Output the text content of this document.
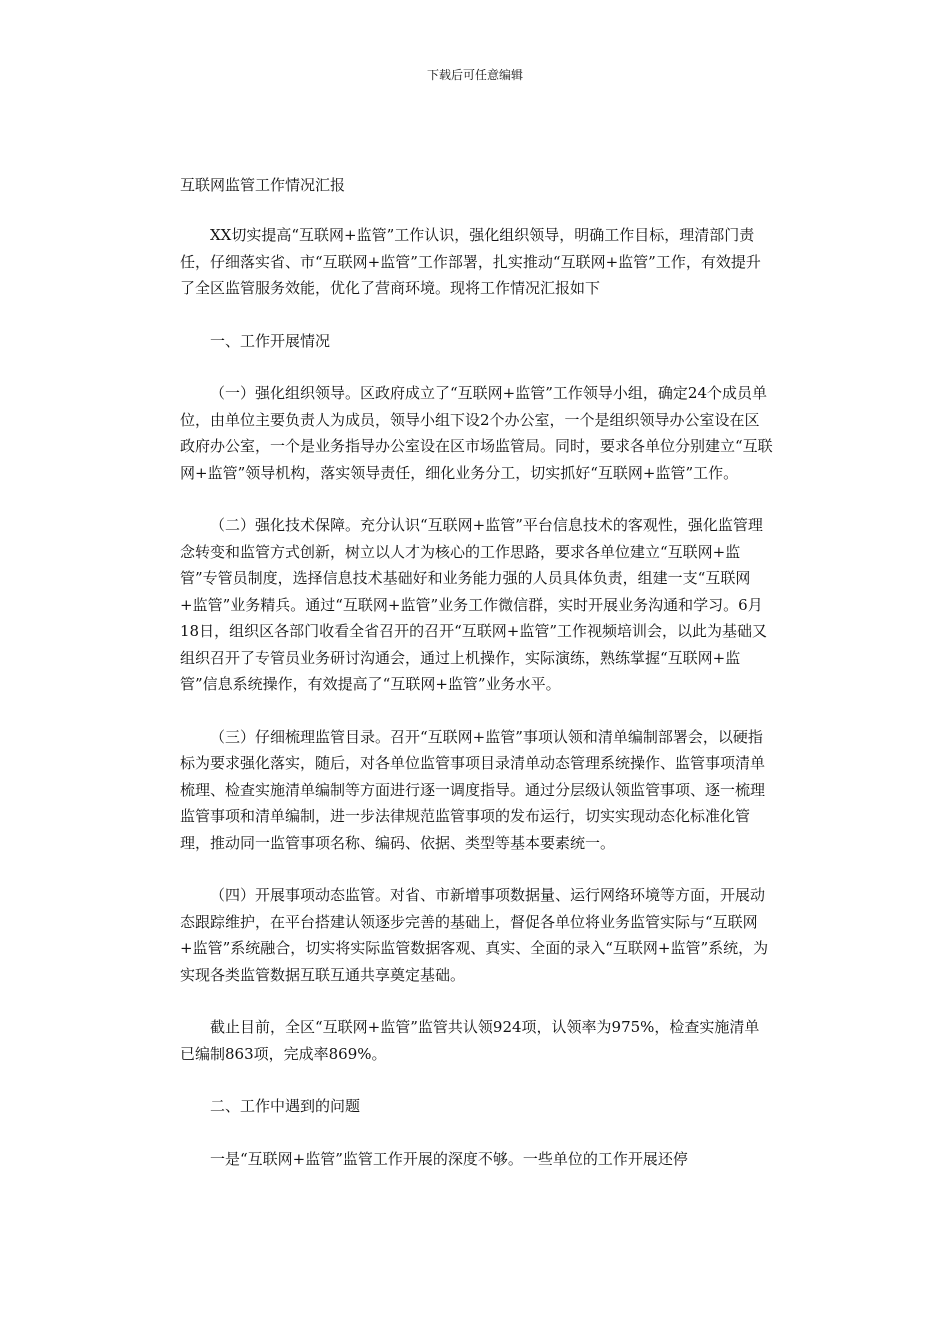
下载后可任意编辑

互联网监管工作情况汇报

XX切实提高“互联网+监管”工作认识，强化组织领导，明确工作目标，理清部门责任，仔细落实省、市“互联网+监管”工作部署，扎实推动“互联网+监管”工作，有效提升了全区监管服务效能，优化了营商环境。现将工作情况汇报如下

一、工作开展情况

（一）强化组织领导。区政府成立了“互联网+监管”工作领导小组，确定24个成员单位，由单位主要负责人为成员，领导小组下设2个办公室，一个是组织领导办公室设在区政府办公室，一个是业务指导办公室设在区市场监管局。同时，要求各单位分别建立“互联网+监管”领导机构，落实领导责任，细化业务分工，切实抓好“互联网+监管”工作。

（二）强化技术保障。充分认识“互联网+监管”平台信息技术的客观性，强化监管理念转变和监管方式创新，树立以人才为核心的工作思路，要求各单位建立“互联网+监管”专管员制度，选择信息技术基础好和业务能力强的人员具体负责，组建一支“互联网+监管”业务精兵。通过“互联网+监管”业务工作微信群，实时开展业务沟通和学习。6月18日，组织区各部门收看全省召开的召开“互联网+监管”工作视频培训会，以此为基础又组织召开了专管员业务研讨沟通会，通过上机操作，实际演练，熟练掌握“互联网+监管”信息系统操作，有效提高了“互联网+监管”业务水平。

（三）仔细梳理监管目录。召开“互联网+监管”事项认领和清单编制部署会，以硬指标为要求强化落实，随后，对各单位监管事项目录清单动态管理系统操作、监管事项清单梳理、检查实施清单编制等方面进行逐一调度指导。通过分层级认领监管事项、逐一梳理监管事项和清单编制，进一步法律规范监管事项的发布运行，切实实现动态化标准化管理，推动同一监管事项名称、编码、依据、类型等基本要素统一。

（四）开展事项动态监管。对省、市新增事项数据量、运行网络环境等方面，开展动态跟踪维护，在平台搭建认领逐步完善的基础上，督促各单位将业务监管实际与“互联网+监管”系统融合，切实将实际监管数据客观、真实、全面的录入“互联网+监管”系统，为实现各类监管数据互联互通共享奠定基础。

截止目前，全区“互联网+监管”监管共认领924项，认领率为975%，检查实施清单已编制863项，完成率869%。

二、工作中遇到的问题

一是“互联网+监管”监管工作开展的深度不够。一些单位的工作开展还停
